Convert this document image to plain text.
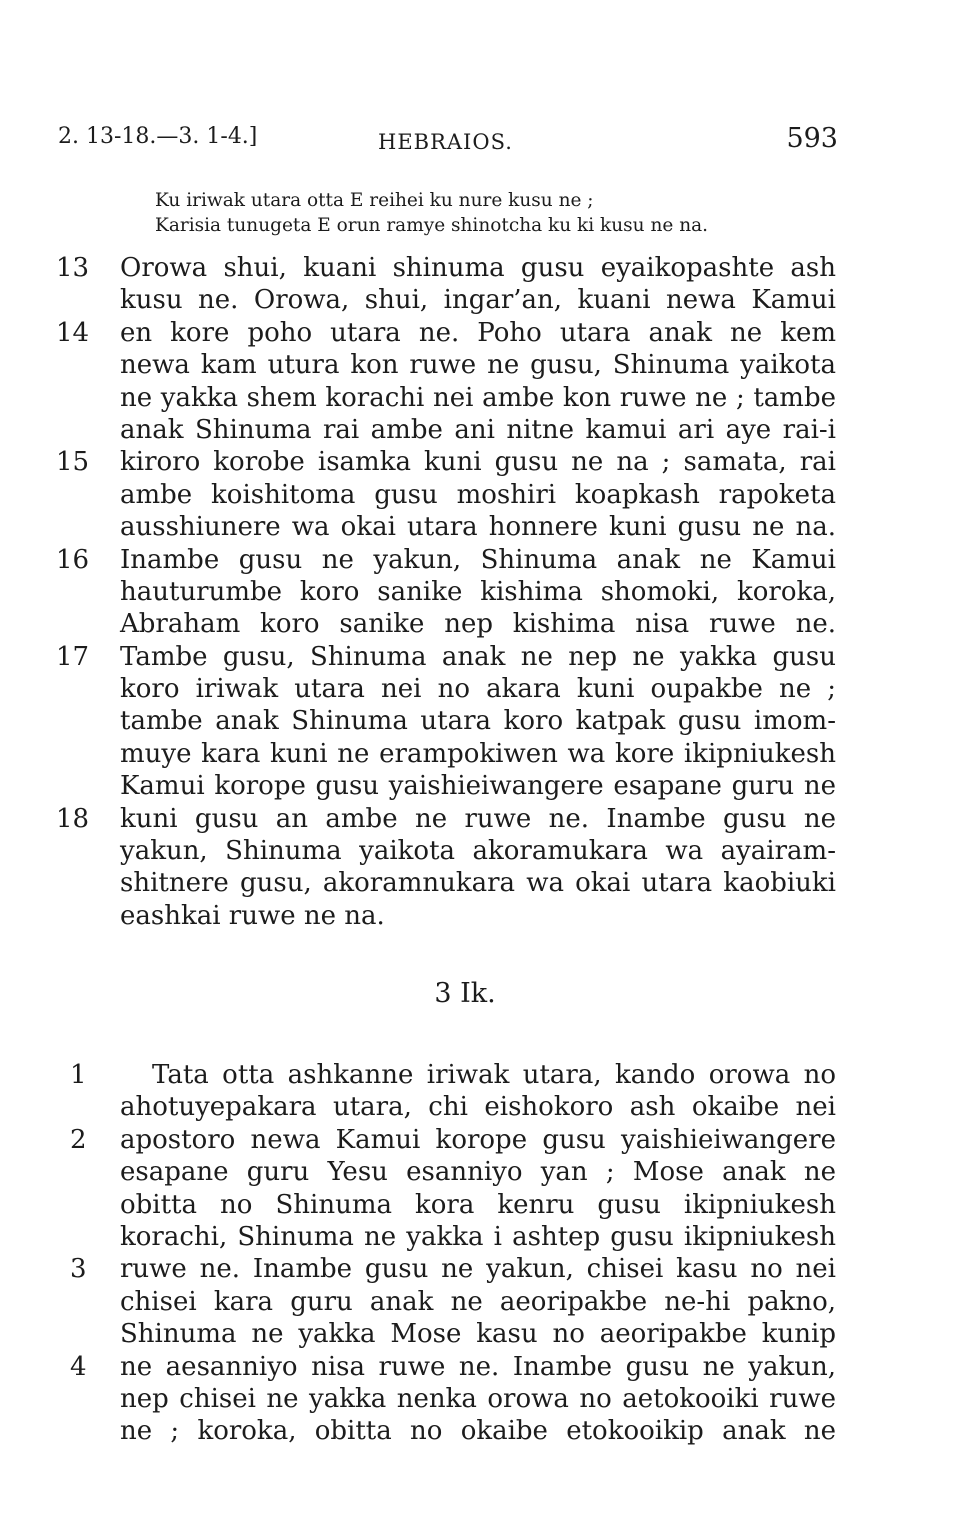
2. 13-18.—3. 1-4.]	HEBRAIOS.	593
Ku iriwak utara otta E reihei ku nure kusu ne ;
Karisia tunugeta E orun ramye shinotcha ku ki kusu ne na.
13 Orowa shui, kuani shinuma gusu eyaikopashte ash
kusu ne. Orowa, shui, ingar’an, kuani newa Kamui
14 en kore poho utara ne. Poho utara anak ne kem
newa kam utura kon ruwe ne gusu, Shinuma yaikota
ne yakka shem korachi nei ambe kon ruwe ne ; tambe
anak Shinuma rai ambe ani nitne kamui ari aye rai-i
15 kiroro korobe isamka kuni gusu ne na ; samata, rai
ambe koishitoma gusu moshiri koapkash rapoketa
ausshiunere wa okai utara honnere kuni gusu ne na.
16 Inambe gusu ne yakun, Shinuma anak ne Kamui
hauturumbe koro sanike kishima shomoki, koroka,
Abraham koro sanike nep kishima nisa ruwe ne.
17 Tambe gusu, Shinuma anak ne nep ne yakka gusu
koro iriwak utara nei no akara kuni oupakbe ne ;
tambe anak Shinuma utara koro katpak gusu imom-
muye kara kuni ne erampokiwen wa kore ikipniukesh
Kamui korope gusu yaishieiwangere esapane guru ne
18 kuni gusu an ambe ne ruwe ne. Inambe gusu ne
yakun, Shinuma yaikota akoramukara wa ayairam-
shitnere gusu, akoramnukara wa okai utara kaobiuki
eashkai ruwe ne na.
3 Ik.
1	Tata otta ashkanne iriwak utara, kando orowa no
ahotuyepakara utara, chi eishokoro ash okaibe nei
2	apostoro newa Kamui korope gusu yaishieiwangere
esapane guru Yesu esanniyo yan ; Mose anak ne
obitta no Shinuma kora kenru gusu ikipniukesh
korachi, Shinuma ne yakka i ashtep gusu ikipniukesh
3	ruwe ne. Inambe gusu ne yakun, chisei kasu no nei
chisei kara guru anak ne aeoripakbe ne-hi pakno,
Shinuma ne yakka Mose kasu no aeoripakbe kunip
4	ne aesanniyo nisa ruwe ne. Inambe gusu ne yakun,
nep chisei ne yakka nenka orowa no aetokooiki ruwe
ne ; koroka, obitta no okaibe etokooikip anak ne
